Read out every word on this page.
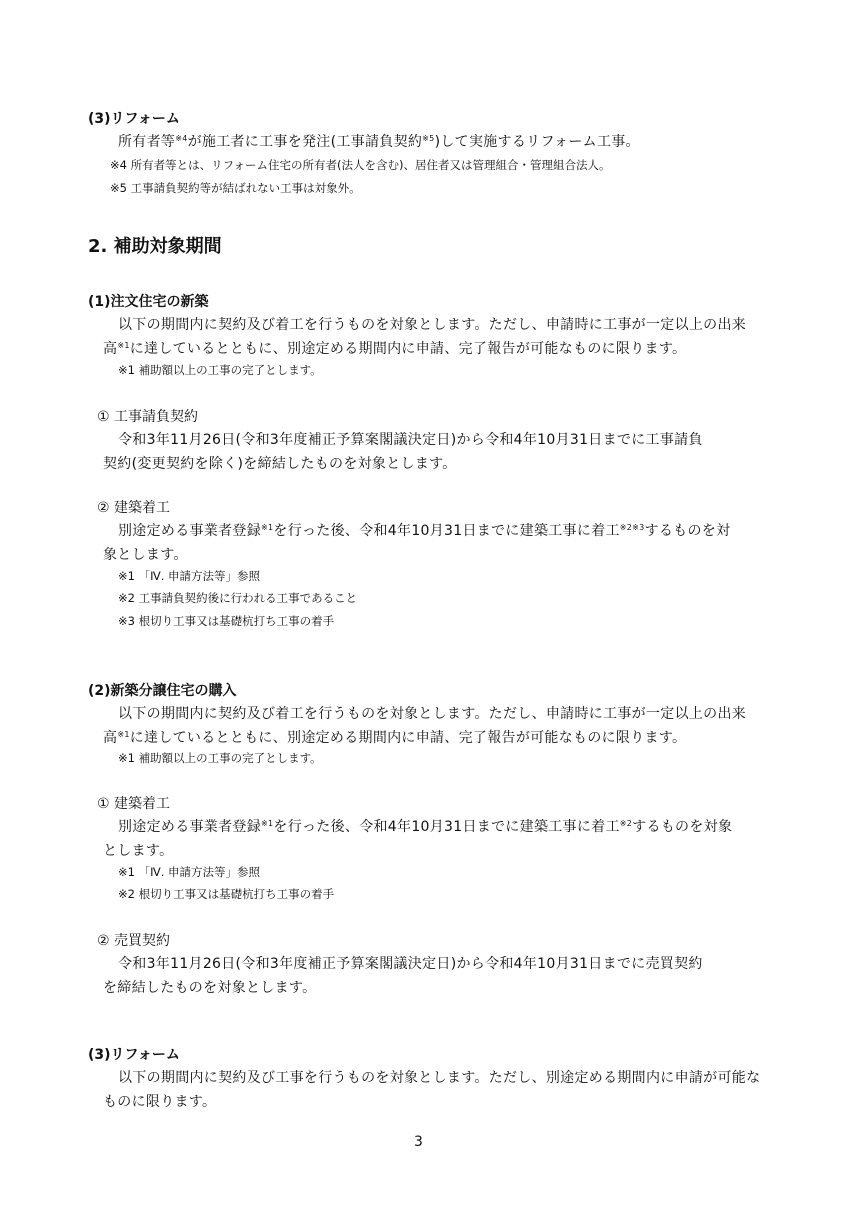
(3)リフォーム
所有者等$^{※4}$が施工者に工事を発注(工事請負契約$^{※5}$)して実施するリフォーム工事。
※4 所有者等とは、リフォーム住宅の所有者(法人を含む)、居住者又は管理組合・管理組合法人。
※5 工事請負契約等が結ばれない工事は対象外。
2. 補助対象期間
(1)注文住宅の新築
以下の期間内に契約及び着工を行うものを対象とします。ただし、申請時に工事が一定以上の出来
高$^{※1}$に達しているとともに、別途定める期間内に申請、完了報告が可能なものに限ります。
※1 補助額以上の工事の完了とします。
① 工事請負契約
令和3年11月26日(令和3年度補正予算案閣議決定日)から令和4年10月31日までに工事請負
契約(変更契約を除く)を締結したものを対象とします。
② 建築着工
別途定める事業者登録$^{※1}$を行った後、令和4年10月31日までに建築工事に着工$^{※2※3}$するものを対
象とします。
※1 「Ⅳ. 申請方法等」参照
※2 工事請負契約後に行われる工事であること
※3 根切り工事又は基礎杭打ち工事の着手
(2)新築分譲住宅の購入
以下の期間内に契約及び着工を行うものを対象とします。ただし、申請時に工事が一定以上の出来
高$^{※1}$に達しているとともに、別途定める期間内に申請、完了報告が可能なものに限ります。
※1 補助額以上の工事の完了とします。
① 建築着工
別途定める事業者登録$^{※1}$を行った後、令和4年10月31日までに建築工事に着工$^{※2}$するものを対象
とします。
※1 「Ⅳ. 申請方法等」参照
※2 根切り工事又は基礎杭打ち工事の着手
② 売買契約
令和3年11月26日(令和3年度補正予算案閣議決定日)から令和4年10月31日までに売買契約
を締結したものを対象とします。
(3)リフォーム
以下の期間内に契約及び工事を行うものを対象とします。ただし、別途定める期間内に申請が可能な
ものに限ります。
3
